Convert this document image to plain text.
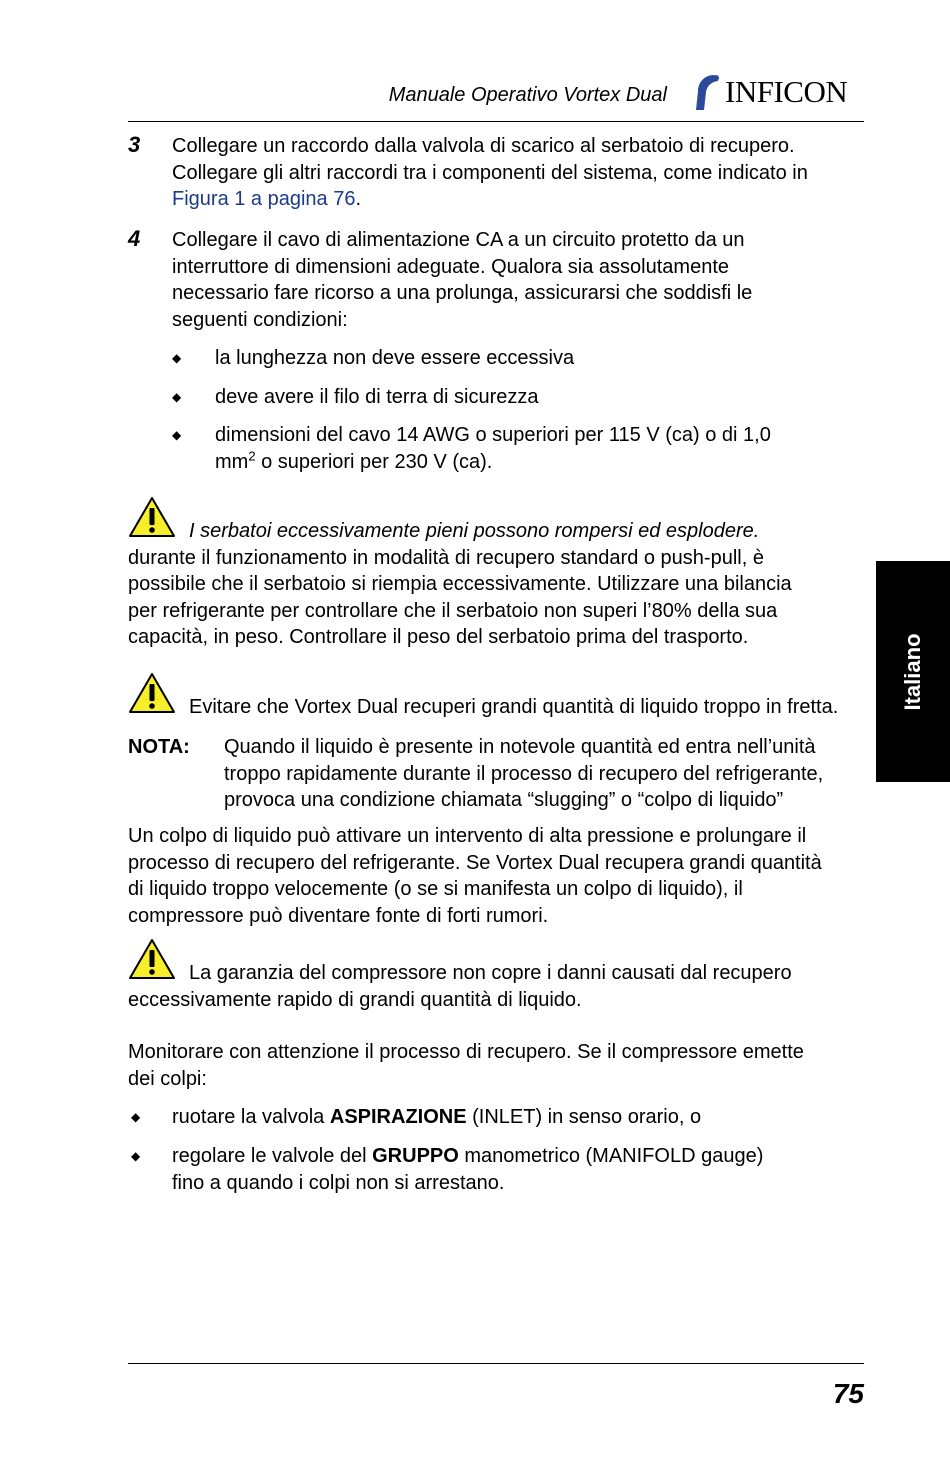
Manuale Operativo Vortex Dual INFICON
3 Collegare un raccordo dalla valvola di scarico al serbatoio di recupero.
Collegare gli altri raccordi tra i componenti del sistema, come indicato in
Figura 1 a pagina 76.
4 Collegare il cavo di alimentazione CA a un circuito protetto da un
interruttore di dimensioni adeguate. Qualora sia assolutamente
necessario fare ricorso a una prolunga, assicurarsi che soddisfi le
seguenti condizioni:
◆ la lunghezza non deve essere eccessiva
◆ deve avere il filo di terra di sicurezza
◆ dimensioni del cavo 14 AWG o superiori per 115 V (ca) o di 1,0
$mm^2$ o superiori per 230 V (ca).
I serbatoi eccessivamente pieni possono rompersi ed esplodere.
durante il funzionamento in modalità di recupero standard o push-pull, è
possibile che il serbatoio si riempia eccessivamente. Utilizzare una bilancia
per refrigerante per controllare che il serbatoio non superi l’80% della sua
capacità, in peso. Controllare il peso del serbatoio prima del trasporto.
Evitare che Vortex Dual recuperi grandi quantità di liquido troppo in fretta.
NOTA: Quando il liquido è presente in notevole quantità ed entra nell’unità
troppo rapidamente durante il processo di recupero del refrigerante,
provoca una condizione chiamata “slugging” o “colpo di liquido”
Un colpo di liquido può attivare un intervento di alta pressione e prolungare il
processo di recupero del refrigerante. Se Vortex Dual recupera grandi quantità
di liquido troppo velocemente (o se si manifesta un colpo di liquido), il
compressore può diventare fonte di forti rumori.
La garanzia del compressore non copre i danni causati dal recupero
eccessivamente rapido di grandi quantità di liquido.
Monitorare con attenzione il processo di recupero. Se il compressore emette
dei colpi:
◆ ruotare la valvola ASPIRAZIONE (INLET) in senso orario, o
◆ regolare le valvole del GRUPPO manometrico (MANIFOLD gauge)
fino a quando i colpi non si arrestano.
Italiano
75
